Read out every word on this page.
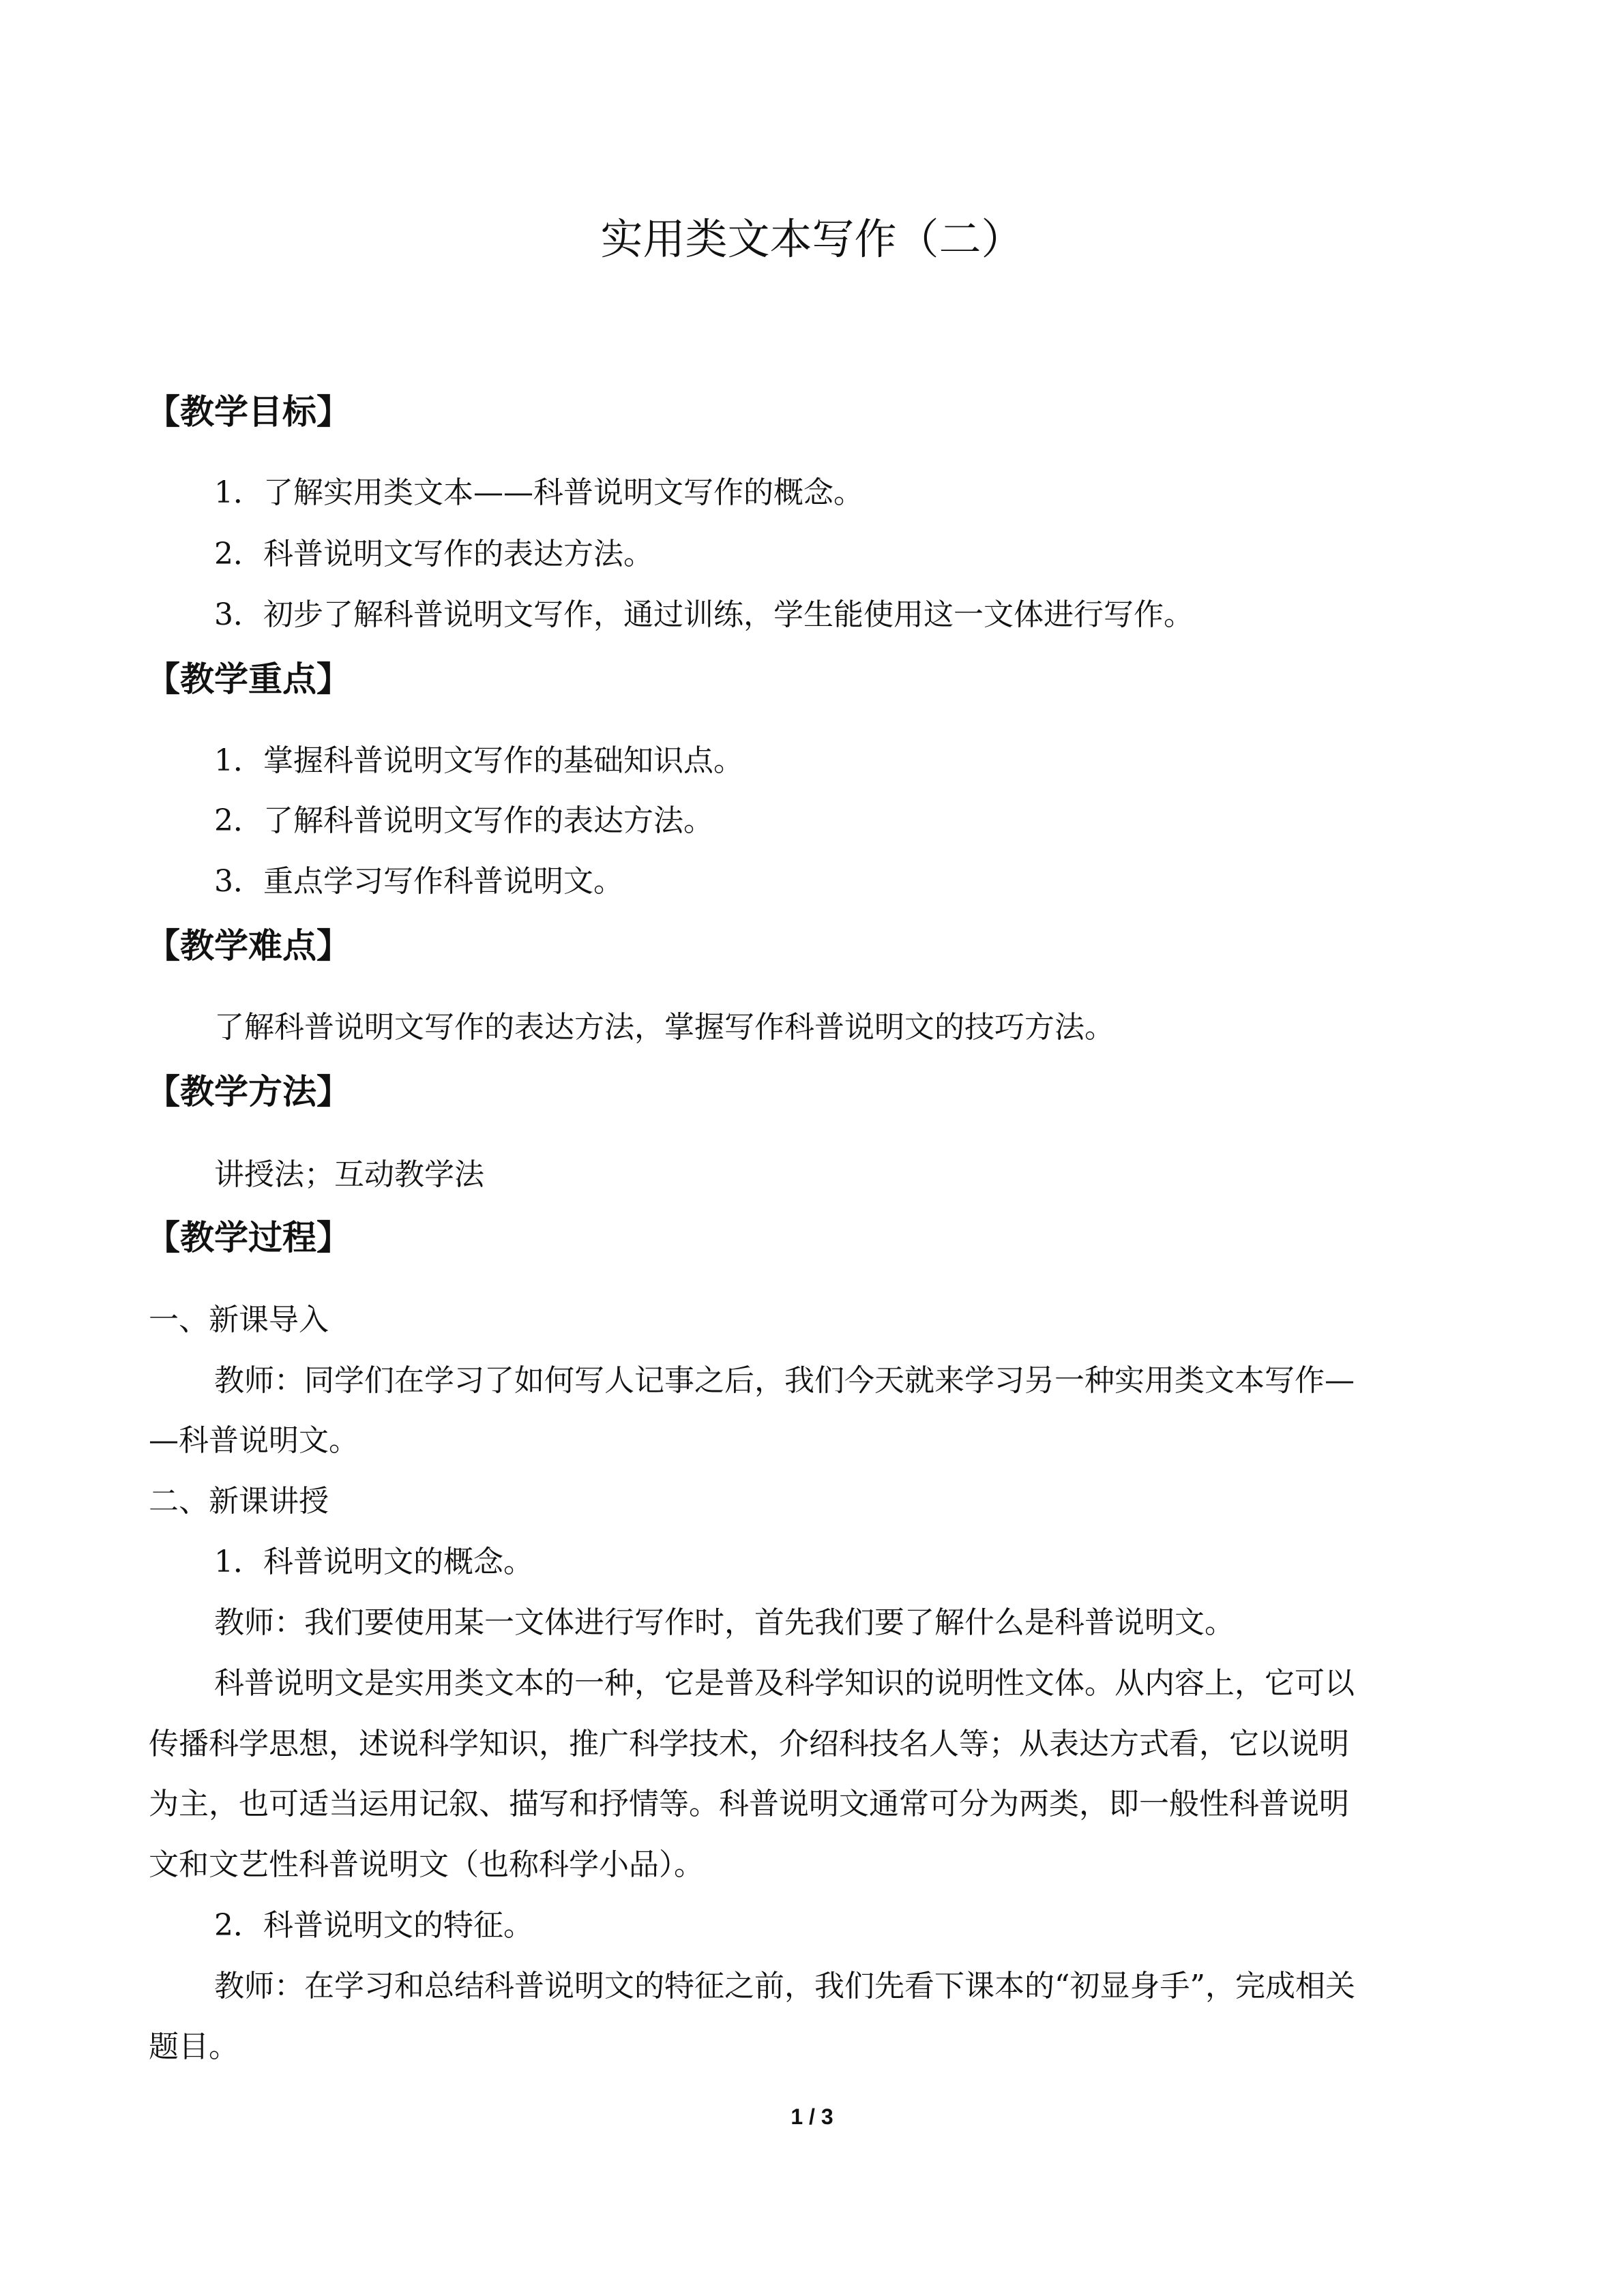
实用类文本写作（二）
【教学目标】
1．了解实用类文本——科普说明文写作的概念。
2．科普说明文写作的表达方法。
3．初步了解科普说明文写作，通过训练，学生能使用这一文体进行写作。
【教学重点】
1．掌握科普说明文写作的基础知识点。
2．了解科普说明文写作的表达方法。
3．重点学习写作科普说明文。
【教学难点】
了解科普说明文写作的表达方法，掌握写作科普说明文的技巧方法。
【教学方法】
讲授法；互动教学法
【教学过程】
一、新课导入
教师：同学们在学习了如何写人记事之后，我们今天就来学习另一种实用类文本写作—
—科普说明文。
二、新课讲授
1．科普说明文的概念。
教师：我们要使用某一文体进行写作时，首先我们要了解什么是科普说明文。
科普说明文是实用类文本的一种，它是普及科学知识的说明性文体。从内容上，它可以
传播科学思想，述说科学知识，推广科学技术，介绍科技名人等；从表达方式看，它以说明
为主，也可适当运用记叙、描写和抒情等。科普说明文通常可分为两类，即一般性科普说明
文和文艺性科普说明文（也称科学小品）。
2．科普说明文的特征。
教师：在学习和总结科普说明文的特征之前，我们先看下课本的“初显身手”，完成相关
题目。
1 / 3
